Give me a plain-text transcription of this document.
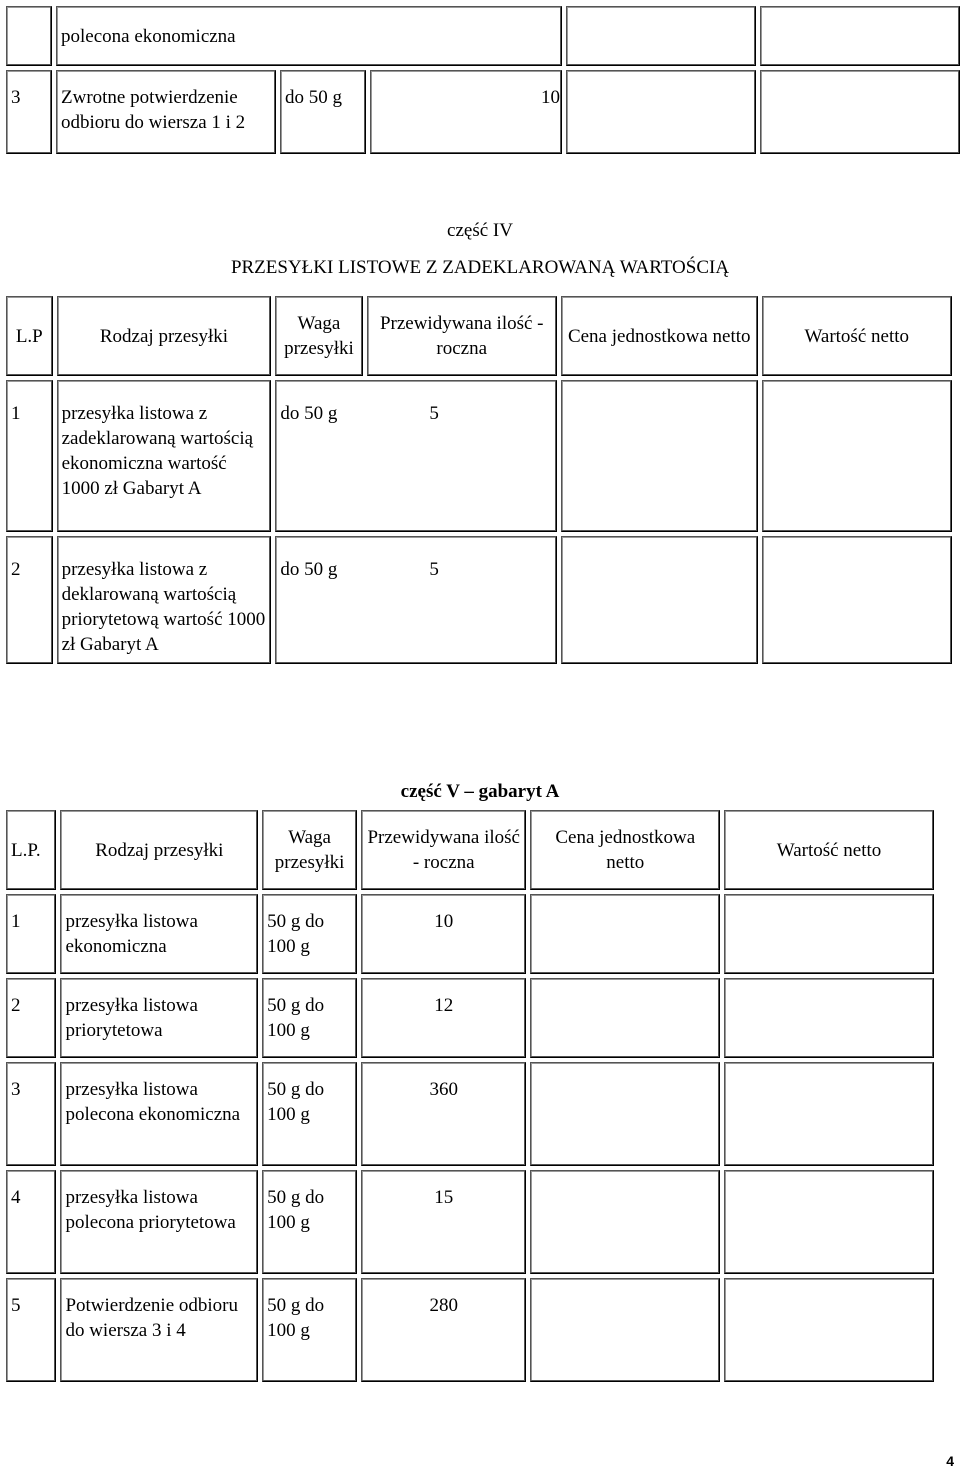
	polecona ekonomiczna				
3	Zwrotne potwierdzenie odbioru do wiersza 1 i 2	do 50 g	10		
część IV
PRZESYŁKI LISTOWE Z ZADEKLAROWANĄ WARTOŚCIĄ
L.P	Rodzaj przesyłki	Waga przesyłki	Przewidywana ilość - roczna	Cena jednostkowa netto	Wartość netto
1	przesyłka listowa z zadeklarowaną wartością ekonomiczna wartość 1000 zł Gabaryt A	do 50 g 5			
2	przesyłka listowa z deklarowaną wartością priorytetową wartość 1000 zł Gabaryt A	do 50 g 5			
część V – gabaryt A
L.P.	Rodzaj przesyłki	Waga przesyłki	Przewidywana ilość - roczna	Cena jednostkowa netto	Wartość netto
1	przesyłka listowa ekonomiczna	50 g do 100 g	10		
2	przesyłka listowa priorytetowa	50 g do 100 g	12		
3	przesyłka listowa polecona ekonomiczna	50 g do 100 g	360		
4	przesyłka listowa polecona priorytetowa	50 g do 100 g	15		
5	Potwierdzenie odbioru do wiersza 3 i 4	50 g do 100 g	280		
4
